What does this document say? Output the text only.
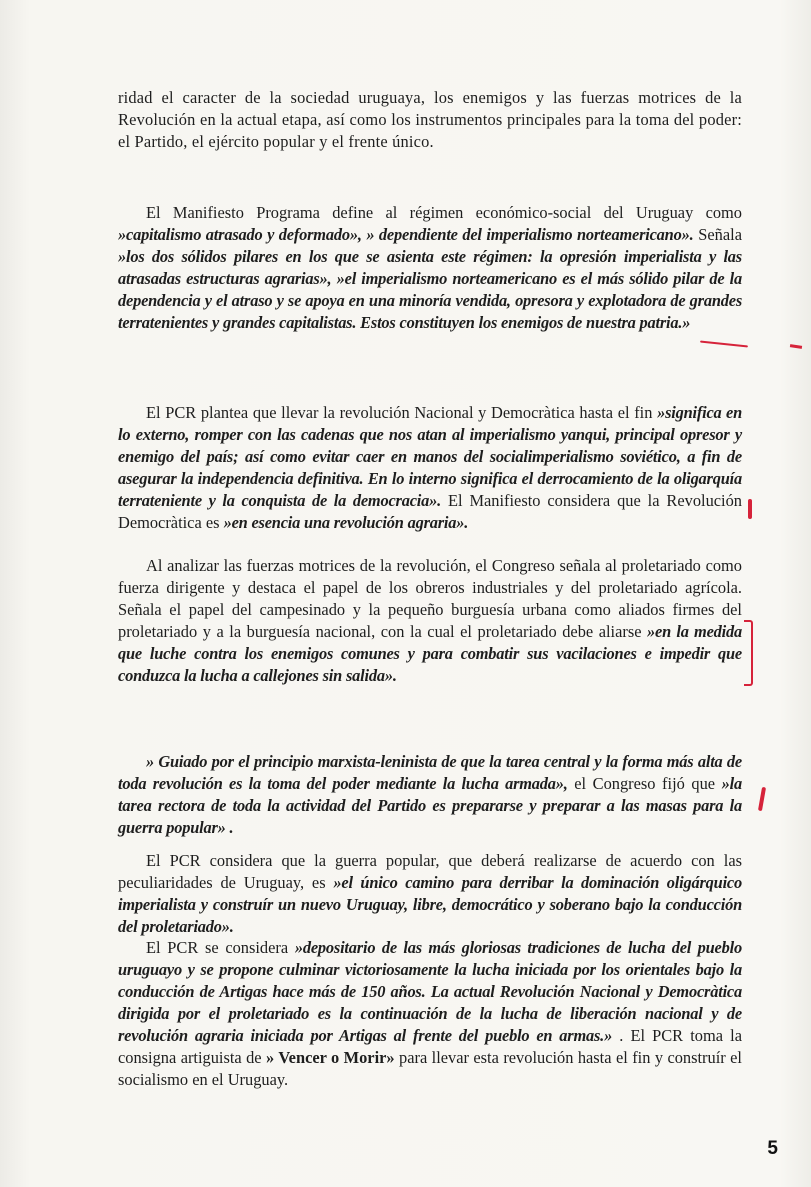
ridad el caracter de la sociedad uruguaya, los enemigos y las fuerzas motrices de la Revolución en la actual etapa, así como los instrumentos principales para la toma del poder: el Partido, el ejército popular y el frente único.

El Manifiesto Programa define al régimen económico-social del Uruguay como »capitalismo atrasado y deformado», » dependiente del imperialismo norteamericano». Señala »los dos sólidos pilares en los que se asienta este régimen: la opresión imperialista y las atrasadas estructuras agrarias», »el imperialismo norteamericano es el más sólido pilar de la dependencia y el atraso y se apoya en una minoría vendida, opresora y explotadora de grandes terratenientes y grandes capitalistas. Estos constituyen los enemigos de nuestra patria.»

El PCR plantea que llevar la revolución Nacional y Democràtica hasta el fin »significa en lo externo, romper con las cadenas que nos atan al imperialismo yanqui, principal opresor y enemigo del país; así como evitar caer en manos del socialimperialismo soviético, a fin de asegurar la independencia definitiva. En lo interno significa el derrocamiento de la oligarquía terrateniente y la conquista de la democracia». El Manifiesto considera que la Revolución Democràtica es »en esencia una revolución agraria».

Al analizar las fuerzas motrices de la revolución, el Congreso señala al proletariado como fuerza dirigente y destaca el papel de los obreros industriales y del proletariado agrícola. Señala el papel del campesinado y la pequeño burguesía urbana como aliados firmes del proletariado y a la burguesía nacional, con la cual el proletariado debe aliarse »en la medida que luche contra los enemigos comunes y para combatir sus vacilaciones e impedir que conduzca la lucha a callejones sin salida».

» Guiado por el principio marxista-leninista de que la tarea central y la forma más alta de toda revolución es la toma del poder mediante la lucha armada», el Congreso fijó que »la tarea rectora de toda la actividad del Partido es prepararse y preparar a las masas para la guerra popular» .

El PCR considera que la guerra popular, que deberá realizarse de acuerdo con las peculiaridades de Uruguay, es »el único camino para derribar la dominación oligárquico imperialista y construír un nuevo Uruguay, libre, democrático y soberano bajo la conducción del proletariado».

El PCR se considera »depositario de las más gloriosas tradiciones de lucha del pueblo uruguayo y se propone culminar victoriosamente la lucha iniciada por los orientales bajo la conducción de Artigas hace más de 150 años. La actual Revolución Nacional y Democràtica dirigida por el proletariado es la continuación de la lucha de liberación nacional y de revolución agraria iniciada por Artigas al frente del pueblo en armas.» . El PCR toma la consigna artiguista de » Vencer o Morir» para llevar esta revolución hasta el fin y construír el socialismo en el Uruguay.

5
